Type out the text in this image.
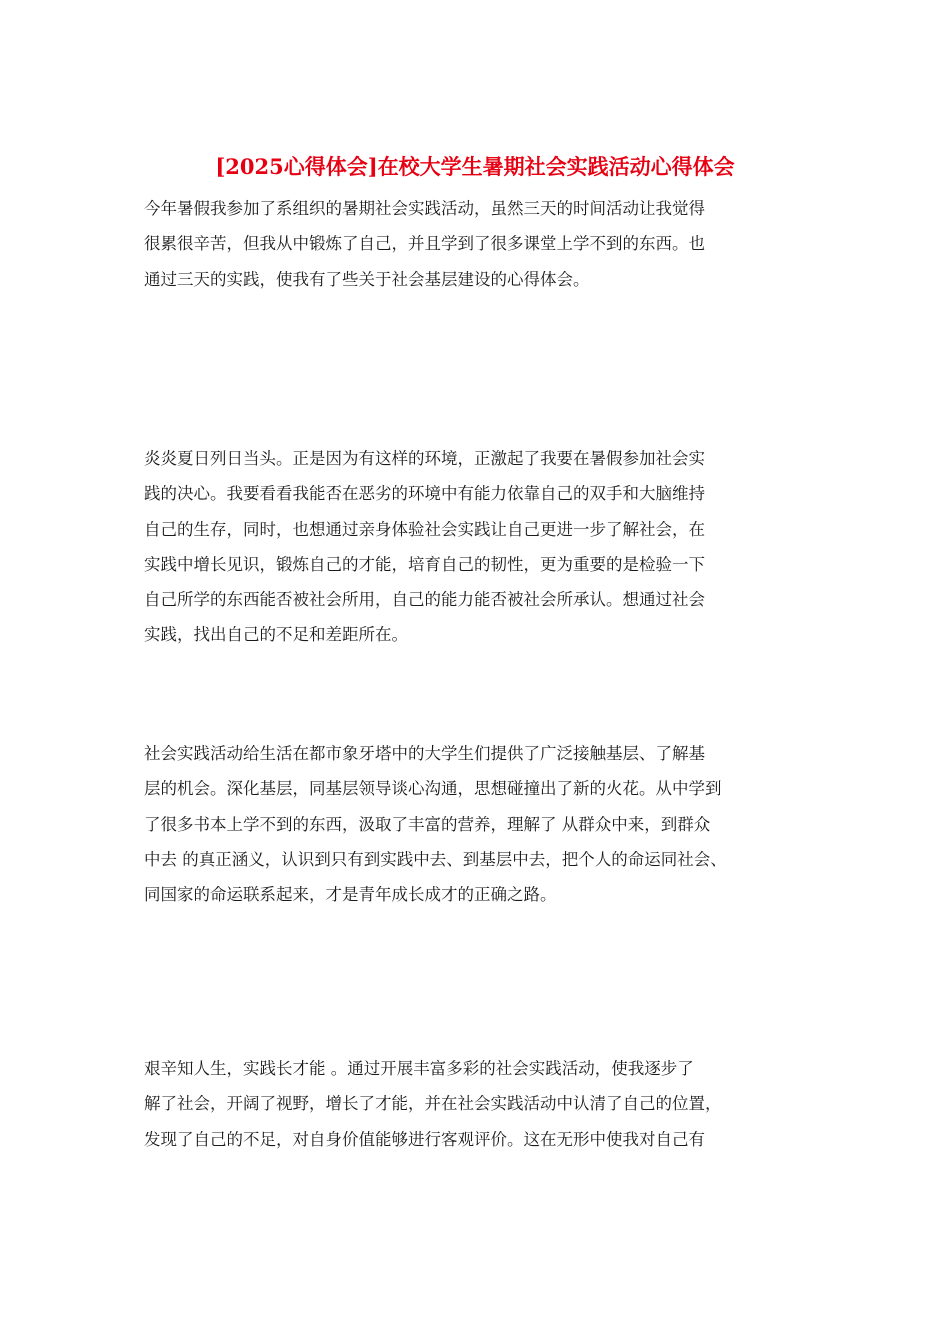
[2025心得体会]在校大学生暑期社会实践活动心得体会
今年暑假我参加了系组织的暑期社会实践活动，虽然三天的时间活动让我觉得
很累很辛苦，但我从中锻炼了自己，并且学到了很多课堂上学不到的东西。也
通过三天的实践，使我有了些关于社会基层建设的心得体会。
炎炎夏日列日当头。正是因为有这样的环境，正激起了我要在暑假参加社会实
践的决心。我要看看我能否在恶劣的环境中有能力依靠自己的双手和大脑维持
自己的生存，同时，也想通过亲身体验社会实践让自己更进一步了解社会，在
实践中增长见识，锻炼自己的才能，培育自己的韧性，更为重要的是检验一下
自己所学的东西能否被社会所用，自己的能力能否被社会所承认。想通过社会
实践，找出自己的不足和差距所在。
社会实践活动给生活在都市象牙塔中的大学生们提供了广泛接触基层、了解基
层的机会。深化基层，同基层领导谈心沟通，思想碰撞出了新的火花。从中学到
了很多书本上学不到的东西，汲取了丰富的营养，理解了 从群众中来，到群众
中去 的真正涵义，认识到只有到实践中去、到基层中去，把个人的命运同社会、
同国家的命运联系起来，才是青年成长成才的正确之路。
艰辛知人生，实践长才能 。通过开展丰富多彩的社会实践活动，使我逐步了
解了社会，开阔了视野，增长了才能，并在社会实践活动中认清了自己的位置，
发现了自己的不足，对自身价值能够进行客观评价。这在无形中使我对自己有
